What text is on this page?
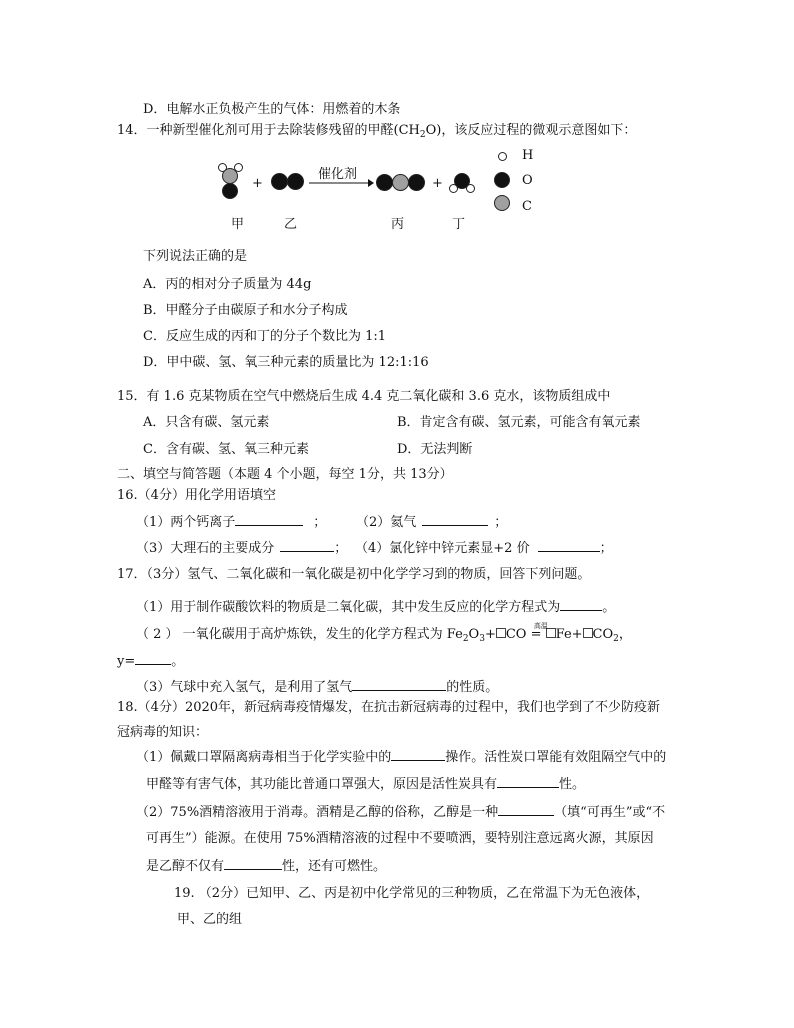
D．电解水正负极产生的气体：用燃着的木条
14．一种新型催化剂可用于去除装修残留的甲醛$(CH_2O)$，该反应过程的微观示意图如下：
+
催化剂
+
H
O
C
甲	乙	丙	丁
下列说法正确的是
A．丙的相对分子质量为 44g
B．甲醛分子由碳原子和水分子构成
C．反应生成的丙和丁的分子个数比为 1:1
D．甲中碳、氢、氧三种元素的质量比为 12:1:16
15．有 1.6 克某物质在空气中燃烧后生成 4.4 克二氧化碳和 3.6 克水，该物质组成中
A．只含有碳、氢元素	B．肯定含有碳、氢元素，可能含有氧元素
C．含有碳、氢、氧三种元素	D．无法判断
二、填空与简答题（本题 4 个小题，每空 1分，共 13分）
16.（4分）用化学用语填空
（1）两个钙离子	； （2）氦气	；
（3）大理石的主要成分	； （4）氯化锌中锌元素显+2 价	；
17．（3分）氢气、二氧化碳和一氧化碳是初中化学学习到的物质，回答下列问题。
（1）用于制作碳酸饮料的物质是二氧化碳，其中发生反应的化学方程式为	。
（ 2 ） 一氧化碳用于高炉炼铁，发生的化学方程式为 $Fe_2O_3+$
高温
CO = $Fe+ CO_2$，
y=	。
（3）气球中充入氢气，是利用了氢气	的性质。
18.（4分）2020年，新冠病毒疫情爆发，在抗击新冠病毒的过程中，我们也学到了不少防疫新
冠病毒的知识：
（1）佩戴口罩隔离病毒相当于化学实验中的	操作。活性炭口罩能有效阻隔空气中的
甲醛等有害气体，其功能比普通口罩强大，原因是活性炭具有	性。
（2）75%酒精溶液用于消毒。酒精是乙醇的俗称，乙醇是一种	（填“可再生”或“不
可再生”）能源。在使用 75%酒精溶液的过程中不要喷洒，要特别注意远离火源，其原因
是乙醇不仅有	性，还有可燃性。
19. （2分）已知甲、乙、丙是初中化学常见的三种物质，乙在常温下为无色液体，
甲、乙的组
